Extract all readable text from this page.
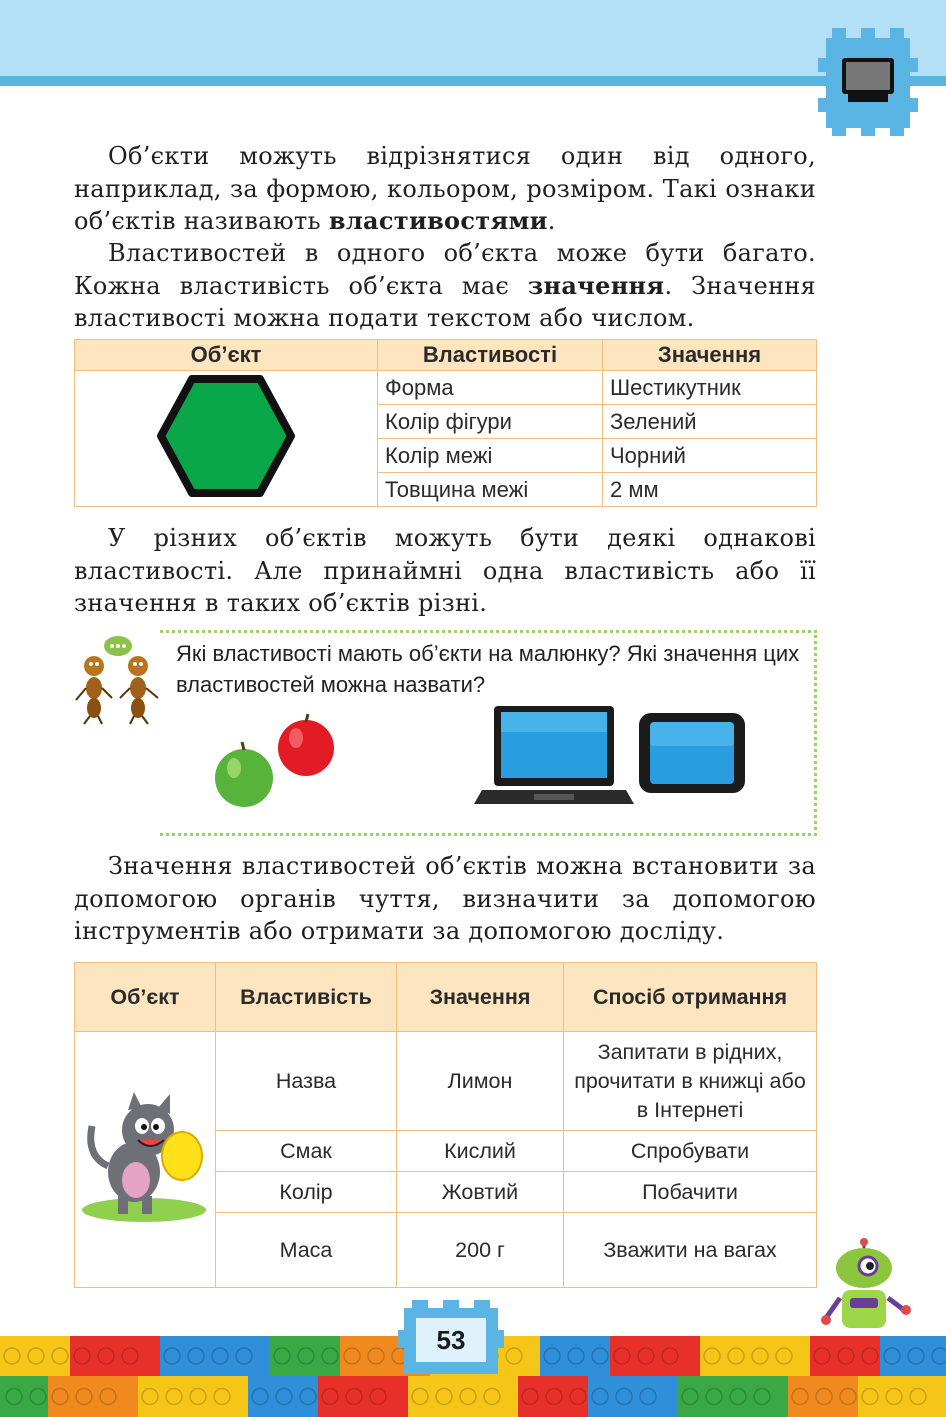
Об’єкти можуть відрізнятися один від одного, наприклад, за формою, кольором, розміром. Такі ознаки об’єктів називають властивостями.

Властивостей в одного об’єкта може бути багато. Кожна властивість об’єкта має значення. Значення властивості можна подати текстом або числом.

Об’єкт	Властивості	Значення
	Форма	Шестикутник
	Колір фігури	Зелений
	Колір межі	Чорний
	Товщина межі	2 мм

У різних об’єктів можуть бути деякі однакові властивості. Але принаймні одна властивість або її значення в таких об’єктів різні.

Які властивості мають об’єкти на малюнку? Які значення цих властивостей можна назвати?

Значення властивостей об’єктів можна встановити за допомогою органів чуття, визначити за допомогою інструментів або отримати за допомогою досліду.

Об’єкт	Властивість	Значення	Спосіб отримання
	Назва	Лимон	Запитати в рідних, прочитати в книжці або в Інтернеті
	Смак	Кислий	Спробувати
	Колір	Жовтий	Побачити
	Маса	200 г	Зважити на вагах
53
